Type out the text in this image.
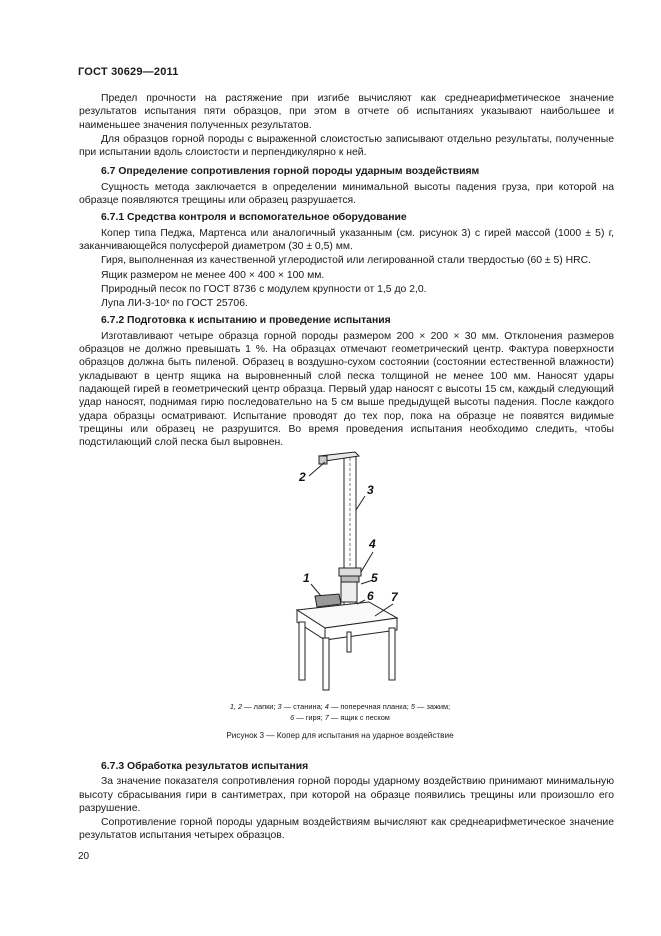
ГОСТ 30629—2011

Предел прочности на растяжение при изгибе вычисляют как среднеарифметическое значение результатов испытания пяти образцов, при этом в отчете об испытаниях указывают наибольшее и наименьшее значения полученных результатов.

Для образцов горной породы с выраженной слоистостью записывают отдельно результаты, полученные при испытании вдоль слоистости и перпендикулярно к ней.

6.7 Определение сопротивления горной породы ударным воздействиям

Сущность метода заключается в определении минимальной высоты падения груза, при которой на образце появляются трещины или образец разрушается.

6.7.1 Средства контроля и вспомогательное оборудование

Копер типа Педжа, Мартенса или аналогичный указанным (см. рисунок 3) с гирей массой (1000 ± 5) г, заканчивающейся полусферой диаметром (30 ± 0,5) мм.

Гиря, выполненная из качественной углеродистой или легированной стали твердостью (60 ± 5) HRC.

Ящик размером не менее 400 × 400 × 100 мм.

Природный песок по ГОСТ 8736 с модулем крупности от 1,5 до 2,0.

Лупа ЛИ-3-10ˣ по ГОСТ 25706.

6.7.2 Подготовка к испытанию и проведение испытания

Изготавливают четыре образца горной породы размером 200 × 200 × 30 мм. Отклонения размеров образцов не должно превышать 1 %. На образцах отмечают геометрический центр. Фактура поверхности образцов должна быть пиленой. Образец в воздушно-сухом состоянии (состоянии естественной влажности) укладывают в центр ящика на выровненный слой песка толщиной не менее 100 мм. Наносят удары падающей гирей в геометрический центр образца. Первый удар наносят с высоты 15 см, каждый следующий удар наносят, поднимая гирю последовательно на 5 см выше предыдущей высоты падения. После каждого удара образцы осматривают. Испытание проводят до тех пор, пока на образце не появятся видимые трещины или образец не разрушится. Во время проведения испытания необходимо следить, чтобы подстилающий слой песка был выровнен.

2
3
4
5
1
6 7
1, 2 — лапки; 3 — станина; 4 — поперечная планка; 5 — зажим;
6 — гиря; 7 — ящик с песком
Рисунок 3 — Копер для испытания на ударное воздействие
6.7.3 Обработка результатов испытания

За значение показателя сопротивления горной породы ударному воздействию принимают минимальную высоту сбрасывания гири в сантиметрах, при которой на образце появились трещины или произошло его разрушение.

Сопротивление горной породы ударным воздействиям вычисляют как среднеарифметическое значение результатов испытания четырех образцов.

20
